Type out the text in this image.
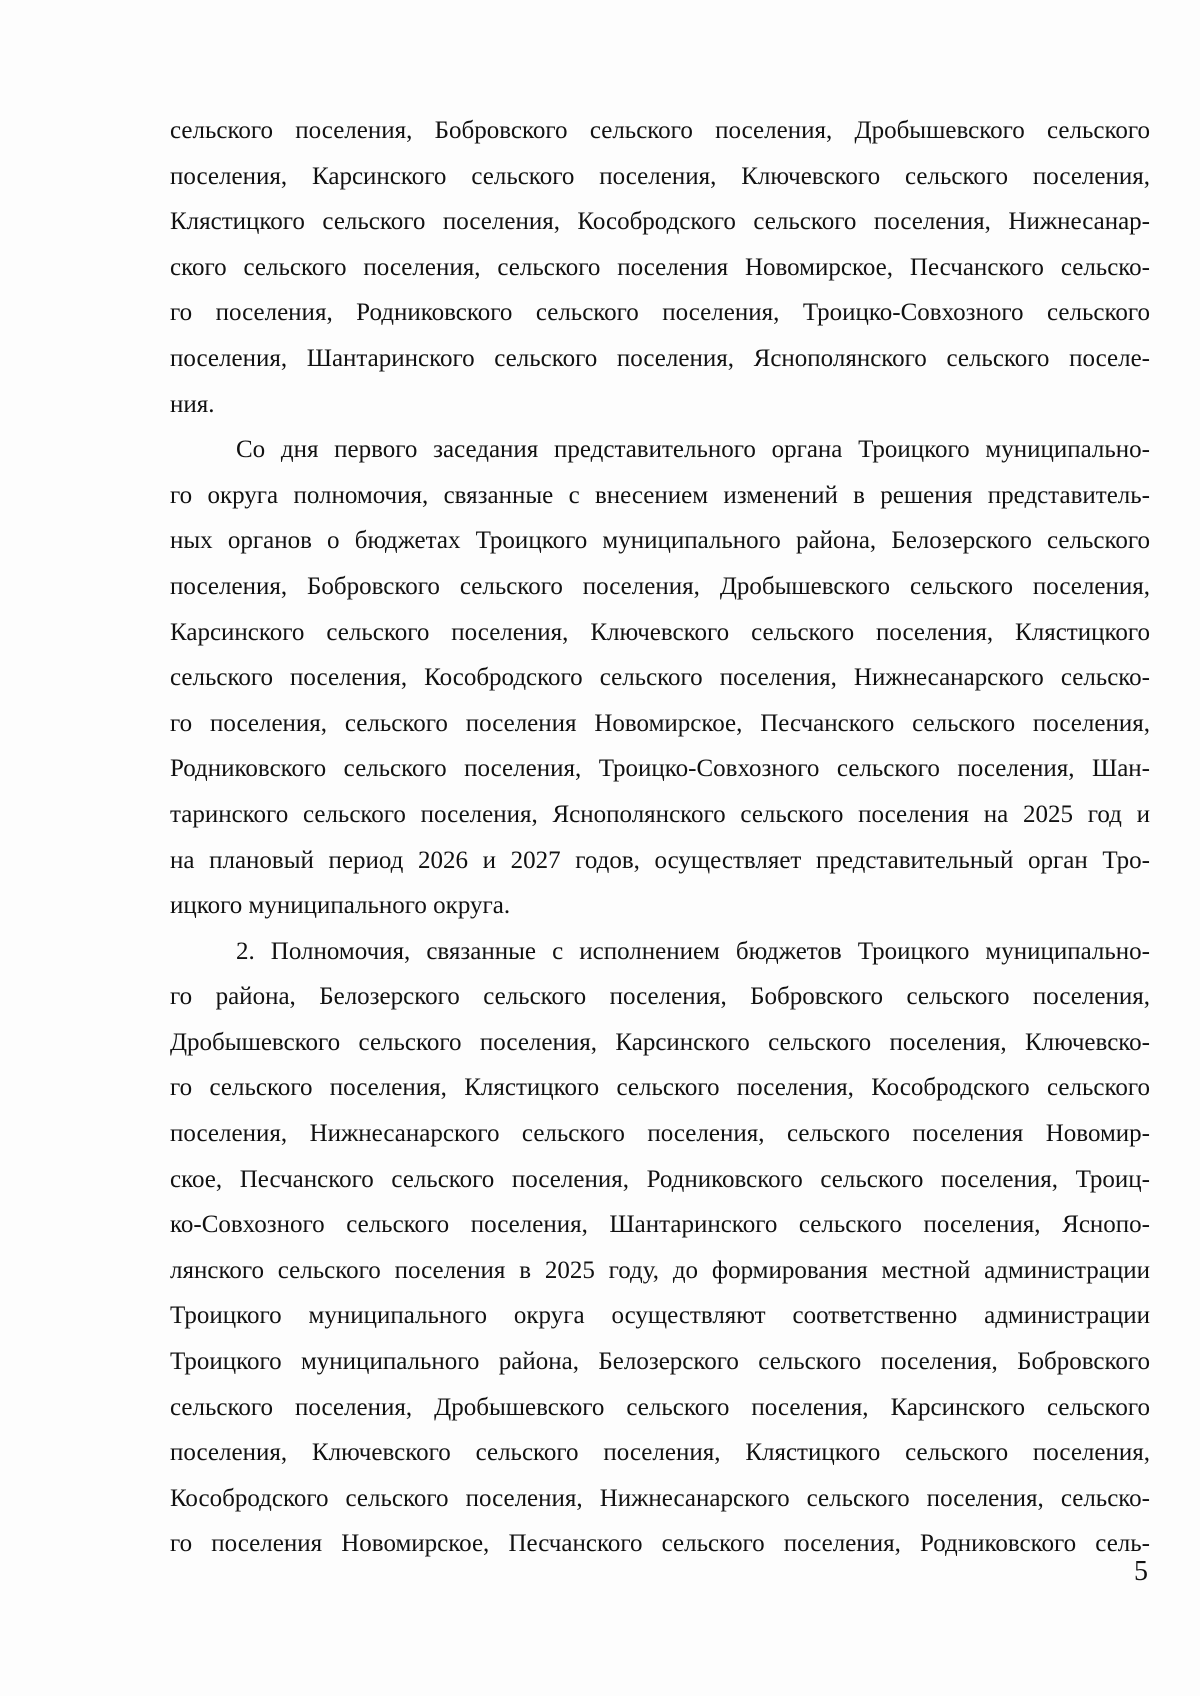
сельского поселения, Бобровского сельского поселения, Дробышевского сельского
поселения, Карсинского сельского поселения, Ключевского сельского поселения,
Клястицкого сельского поселения, Кособродского сельского поселения, Нижнесанар-
ского сельского поселения, сельского поселения Новомирское, Песчанского сельско-
го поселения, Родниковского сельского поселения, Троицко-Совхозного сельского
поселения, Шантаринского сельского поселения, Яснополянского сельского поселе-
ния.
Со дня первого заседания представительного органа Троицкого муниципально-
го округа полномочия, связанные с внесением изменений в решения представитель-
ных органов о бюджетах Троицкого муниципального района, Белозерского сельского
поселения, Бобровского сельского поселения, Дробышевского сельского поселения,
Карсинского сельского поселения, Ключевского сельского поселения, Клястицкого
сельского поселения, Кособродского сельского поселения, Нижнесанарского сельско-
го поселения, сельского поселения Новомирское, Песчанского сельского поселения,
Родниковского сельского поселения, Троицко-Совхозного сельского поселения, Шан-
таринского сельского поселения, Яснополянского сельского поселения на 2025 год и
на плановый период 2026 и 2027 годов, осуществляет представительный орган Тро-
ицкого муниципального округа.
2. Полномочия, связанные с исполнением бюджетов Троицкого муниципально-
го района, Белозерского сельского поселения, Бобровского сельского поселения,
Дробышевского сельского поселения, Карсинского сельского поселения, Ключевско-
го сельского поселения, Клястицкого сельского поселения, Кособродского сельского
поселения, Нижнесанарского сельского поселения, сельского поселения Новомир-
ское, Песчанского сельского поселения, Родниковского сельского поселения, Троиц-
ко-Совхозного сельского поселения, Шантаринского сельского поселения, Яснопо-
лянского сельского поселения в 2025 году, до формирования местной администрации
Троицкого муниципального округа осуществляют соответственно администрации
Троицкого муниципального района, Белозерского сельского поселения, Бобровского
сельского поселения, Дробышевского сельского поселения, Карсинского сельского
поселения, Ключевского сельского поселения, Клястицкого сельского поселения,
Кособродского сельского поселения, Нижнесанарского сельского поселения, сельско-
го поселения Новомирское, Песчанского сельского поселения, Родниковского сель-
5
